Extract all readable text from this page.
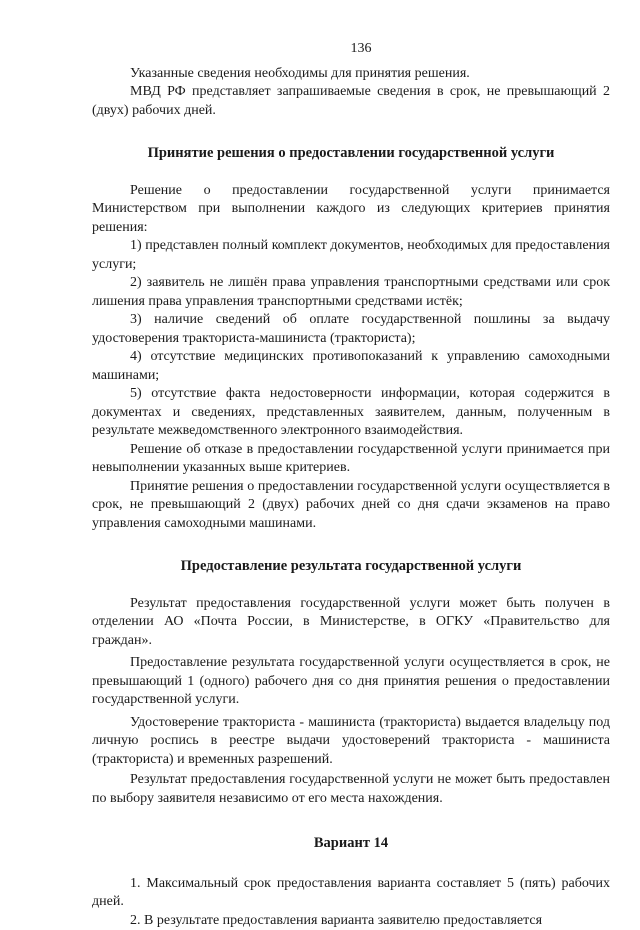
136

Указанные сведения необходимы для принятия решения.

МВД РФ представляет запрашиваемые сведения в срок, не превышающий 2 (двух) рабочих дней.

Принятие решения о предоставлении государственной услуги

Решение о предоставлении государственной услуги принимается Министерством при выполнении каждого из следующих критериев принятия решения:

1) представлен полный комплект документов, необходимых для предоставления услуги;

2) заявитель не лишён права управления транспортными средствами или срок лишения права управления транспортными средствами истёк;

3) наличие сведений об оплате государственной пошлины за выдачу удостоверения тракториста-машиниста (тракториста);

4) отсутствие медицинских противопоказаний к управлению самоходными машинами;

5) отсутствие факта недостоверности информации, которая содержится в документах и сведениях, представленных заявителем, данным, полученным в результате межведомственного электронного взаимодействия.

Решение об отказе в предоставлении государственной услуги принимается при невыполнении указанных выше критериев.

Принятие решения о предоставлении государственной услуги осуществляется в срок, не превышающий 2 (двух) рабочих дней со дня сдачи экзаменов на право управления самоходными машинами.

Предоставление результата государственной услуги

Результат предоставления государственной услуги может быть получен в отделении АО «Почта России, в Министерстве, в ОГКУ «Правительство для граждан».

Предоставление результата государственной услуги осуществляется в срок, не превышающий 1 (одного) рабочего дня со дня принятия решения о предоставлении государственной услуги.

Удостоверение тракториста - машиниста (тракториста) выдается владельцу под личную роспись в реестре выдачи удостоверений тракториста - машиниста (тракториста) и временных разрешений.

Результат предоставления государственной услуги не может быть предоставлен по выбору заявителя независимо от его места нахождения.

Вариант 14

1. Максимальный срок предоставления варианта составляет 5 (пять) рабочих дней.

2. В результате предоставления варианта заявителю предоставляется
